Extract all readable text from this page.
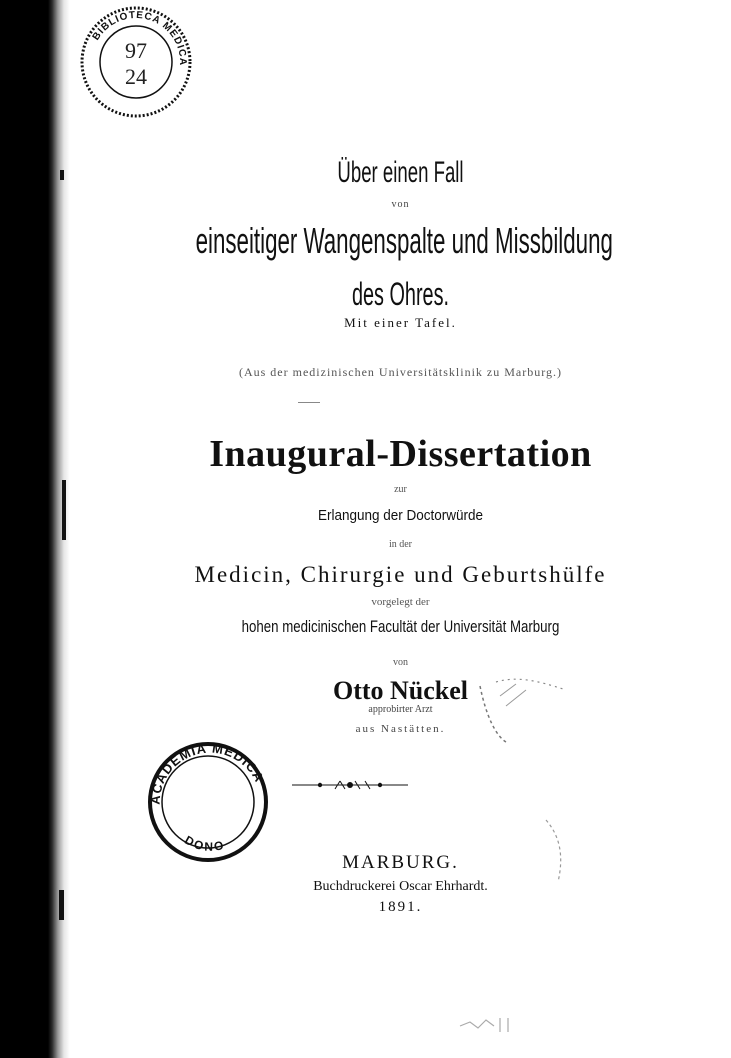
BIBLIOTECA MEDICA
97
24
Über einen Fall
von
einseitiger Wangenspalte und Missbildung
des Ohres.
Mit einer Tafel.
(Aus der medizinischen Universitätsklinik zu Marburg.)
Inaugural-Dissertation
zur
Erlangung der Doctorwürde
in der
Medicin, Chirurgie und Geburtshülfe
vorgelegt der
hohen medicinischen Facultät der Universität Marburg
von
Otto Nückel
approbirter Arzt
aus Nastätten.
ACADEMIA MEDICA
DONO
MARBURG.
Buchdruckerei Oscar Ehrhardt.
1891.
